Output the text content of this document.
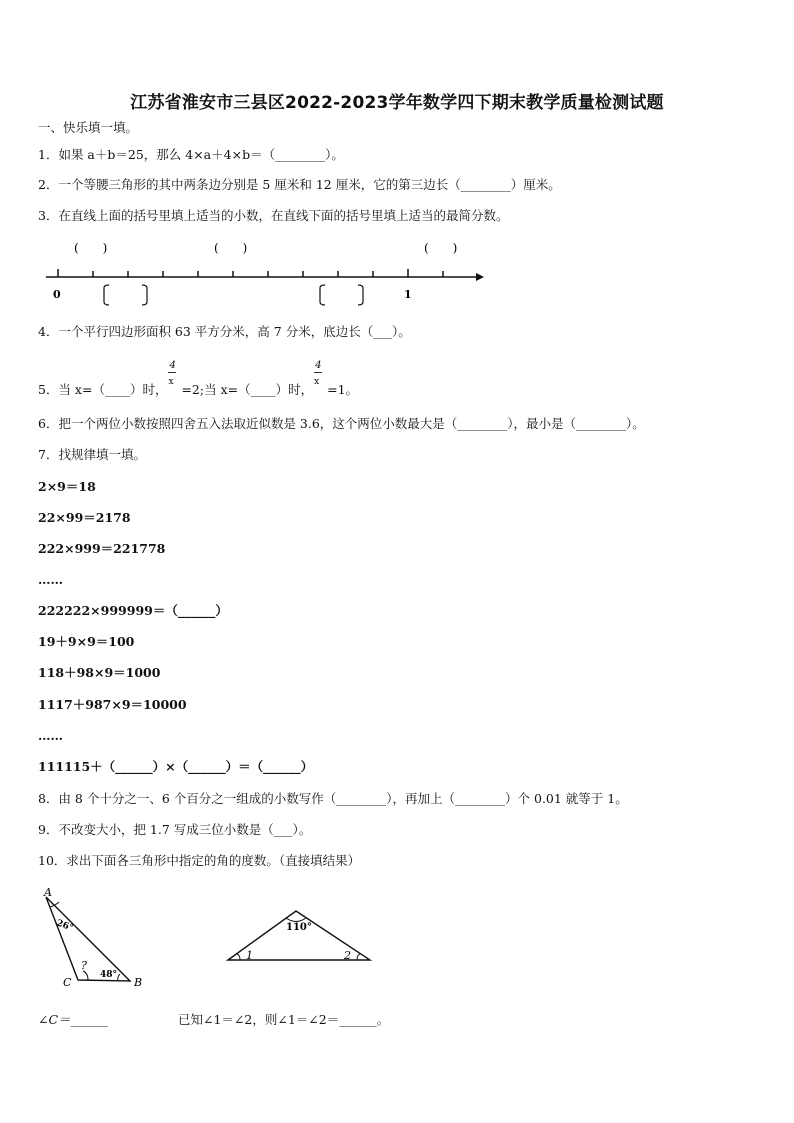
江苏省淮安市三县区2022-2023学年数学四下期末教学质量检测试题
一、快乐填一填。
1．如果 a＋b＝25，那么 4×a＋4×b＝（________）。
2．一个等腰三角形的其中两条边分别是 5 厘米和 12 厘米，它的第三边长（________）厘米。
3．在直线上面的括号里填上适当的小数，在直线下面的括号里填上适当的最简分数。
0	1
(　　)	(　　)	(　　)
4．一个平行四边形面积 63 平方分米，高 7 分米，底边长（___）。
5．当 x=（____）时， $\frac{4}{x} =2$;当 x=（____）时， $\frac{4}{x} =1$。
6．把一个两位小数按照四舍五入法取近似数是 3.6，这个两位小数最大是（________），最小是（________）。
7．找规律填一填。
2×9＝18
22×99＝2178
222×999＝221778
……
222222×999999＝（______）
19＋9×9＝100
118＋98×9＝1000
1117＋987×9＝10000
……
111115＋（______）×（______）＝（______）
8．由 8 个十分之一、6 个百分之一组成的小数写作（________），再加上（________）个 0.01 就等于 1。
9．不改变大小，把 1.7 写成三位小数是（___）。
10．求出下面各三角形中指定的角的度数。（直接填结果）
A
B
C
26°
48°
?
110°
1	2
∠C＝______	已知∠1＝∠2，则∠1＝∠2＝______。
